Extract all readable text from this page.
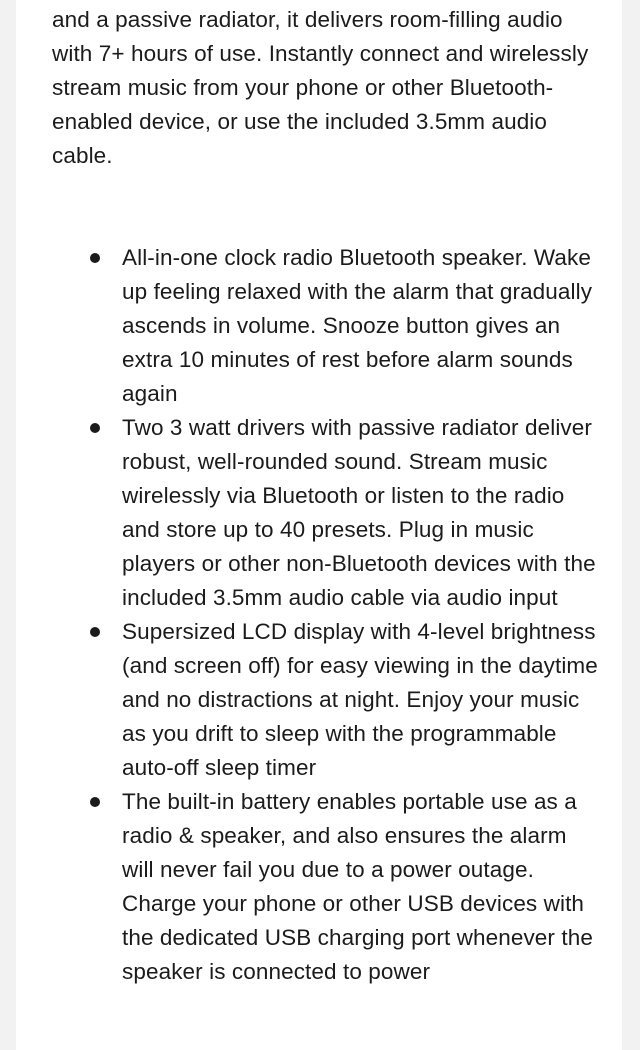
and a passive radiator, it delivers room-filling audio with 7+ hours of use. Instantly connect and wirelessly stream music from your phone or other Bluetooth-enabled device, or use the included 3.5mm audio cable.

All-in-one clock radio Bluetooth speaker. Wake up feeling relaxed with the alarm that gradually ascends in volume. Snooze button gives an extra 10 minutes of rest before alarm sounds again
Two 3 watt drivers with passive radiator deliver robust, well-rounded sound. Stream music wirelessly via Bluetooth or listen to the radio and store up to 40 presets. Plug in music players or other non-Bluetooth devices with the included 3.5mm audio cable via audio input
Supersized LCD display with 4-level brightness (and screen off) for easy viewing in the daytime and no distractions at night. Enjoy your music as you drift to sleep with the programmable auto-off sleep timer
The built-in battery enables portable use as a radio & speaker, and also ensures the alarm will never fail you due to a power outage. Charge your phone or other USB devices with the dedicated USB charging port whenever the speaker is connected to power
